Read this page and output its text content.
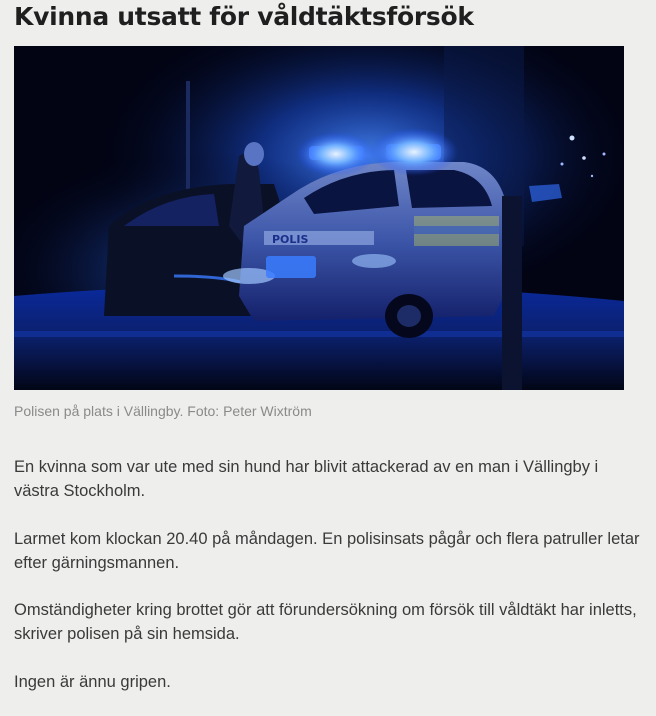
Kvinna utsatt för våldtäktsförsök
POLIS

Polisen på plats i Vällingby. Foto: Peter Wixtröm

En kvinna som var ute med sin hund har blivit attackerad av en man i Vällingby i västra Stockholm.

Larmet kom klockan 20.40 på måndagen. En polisinsats pågår och flera patruller letar efter gärningsmannen.

Omständigheter kring brottet gör att förundersökning om försök till våldtäkt har inletts, skriver polisen på sin hemsida.

Ingen är ännu gripen.
